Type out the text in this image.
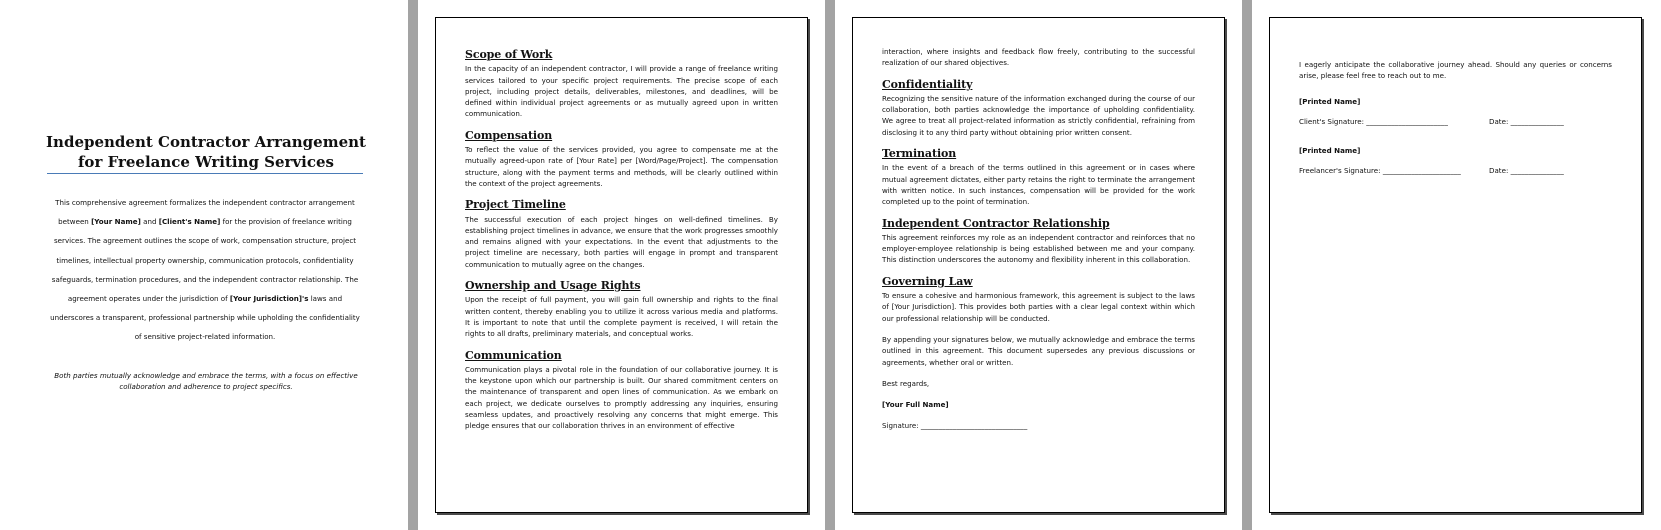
Independent Contractor Arrangement
for Freelance Writing Services
This comprehensive agreement formalizes the independent contractor arrangement between [Your Name] and [Client's Name] for the provision of freelance writing services. The agreement outlines the scope of work, compensation structure, project timelines, intellectual property ownership, communication protocols, confidentiality safeguards, termination procedures, and the independent contractor relationship. The agreement operates under the jurisdiction of [Your Jurisdiction]'s laws and underscores a transparent, professional partnership while upholding the confidentiality of sensitive project-related information.
Both parties mutually acknowledge and embrace the terms, with a focus on effective collaboration and adherence to project specifics.
Scope of Work

In the capacity of an independent contractor, I will provide a range of freelance writing services tailored to your specific project requirements. The precise scope of each project, including project details, deliverables, milestones, and deadlines, will be defined within individual project agreements or as mutually agreed upon in written communication.

Compensation

To reflect the value of the services provided, you agree to compensate me at the mutually agreed-upon rate of [Your Rate] per [Word/Page/Project]. The compensation structure, along with the payment terms and methods, will be clearly outlined within the context of the project agreements.

Project Timeline

The successful execution of each project hinges on well-defined timelines. By establishing project timelines in advance, we ensure that the work progresses smoothly and remains aligned with your expectations. In the event that adjustments to the project timeline are necessary, both parties will engage in prompt and transparent communication to mutually agree on the changes.

Ownership and Usage Rights

Upon the receipt of full payment, you will gain full ownership and rights to the final written content, thereby enabling you to utilize it across various media and platforms. It is important to note that until the complete payment is received, I will retain the rights to all drafts, preliminary materials, and conceptual works.

Communication

Communication plays a pivotal role in the foundation of our collaborative journey. It is the keystone upon which our partnership is built. Our shared commitment centers on the maintenance of transparent and open lines of communication. As we embark on each project, we dedicate ourselves to promptly addressing any inquiries, ensuring seamless updates, and proactively resolving any concerns that might emerge. This pledge ensures that our collaboration thrives in an environment of effective

interaction, where insights and feedback flow freely, contributing to the successful realization of our shared objectives.

Confidentiality

Recognizing the sensitive nature of the information exchanged during the course of our collaboration, both parties acknowledge the importance of upholding confidentiality. We agree to treat all project-related information as strictly confidential, refraining from disclosing it to any third party without obtaining prior written consent.

Termination

In the event of a breach of the terms outlined in this agreement or in cases where mutual agreement dictates, either party retains the right to terminate the arrangement with written notice. In such instances, compensation will be provided for the work completed up to the point of termination.

Independent Contractor Relationship

This agreement reinforces my role as an independent contractor and reinforces that no employer-employee relationship is being established between me and your company. This distinction underscores the autonomy and flexibility inherent in this collaboration.

Governing Law

To ensure a cohesive and harmonious framework, this agreement is subject to the laws of [Your Jurisdiction]. This provides both parties with a clear legal context within which our professional relationship will be conducted.

By appending your signatures below, we mutually acknowledge and embrace the terms outlined in this agreement. This document supersedes any previous discussions or agreements, whether oral or written.

Best regards,

[Your Full Name]

Signature: ______________________________

I eagerly anticipate the collaborative journey ahead. Should any queries or concerns arise, please feel free to reach out to me.

[Printed Name]

Client's Signature: _______________________	Date: _______________

[Printed Name]

Freelancer's Signature: ______________________	Date: _______________
